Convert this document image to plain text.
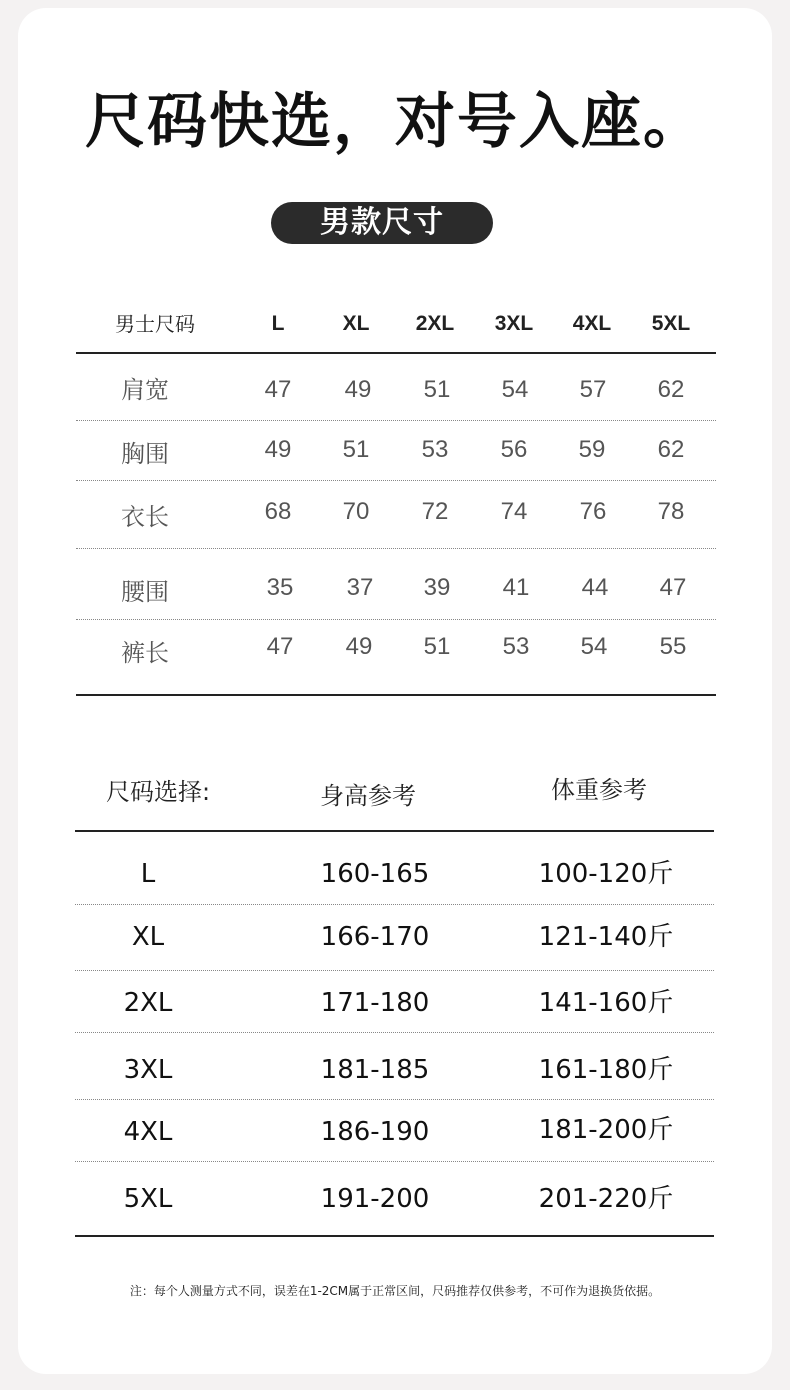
尺码快选，对号入座。
男款尺寸
男士尺码	L	XL	2XL	3XL	4XL	5XL
肩宽	47	49	51	54	57	62
胸围	49	51	53	56	59	62
衣长	68	70	72	74	76	78
腰围	35	37	39	41	44	47
裤长	47	49	51	53	54	55
尺码选择:	身高参考	体重参考
L	160-165	100-120斤
XL	166-170	121-140斤
2XL	171-180	141-160斤
3XL	181-185	161-180斤
4XL	186-190	181-200斤
5XL	191-200	201-220斤
注：每个人测量方式不同，误差在1-2CM属于正常区间，尺码推荐仅供参考，不可作为退换货依据。
